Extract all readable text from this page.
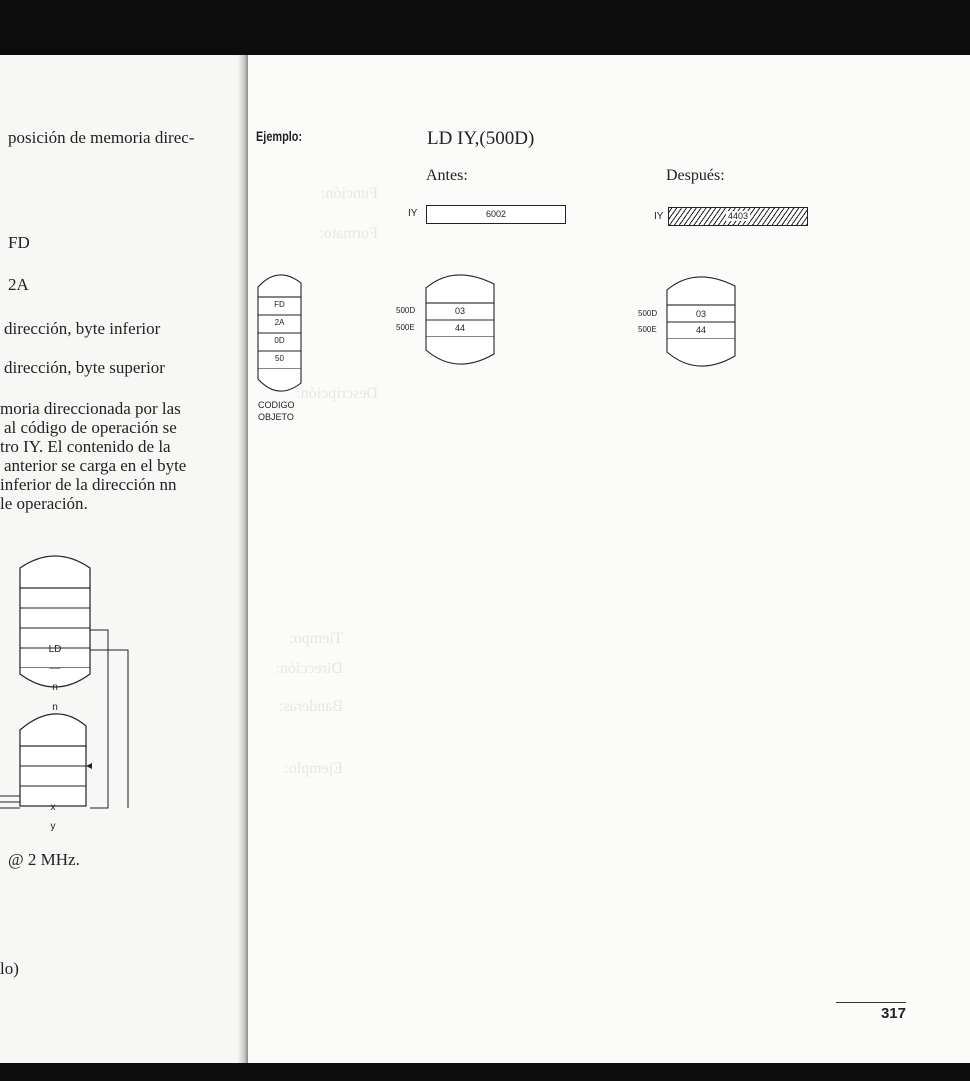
posición de memoria direc-
FD
2A
dirección, byte inferior
dirección, byte superior
moria direccionada por las
al código de operación se
tro IY. El contenido de la
anterior se carga en el byte
inferior de la dirección nn
le operación.
@ 2 MHz.
lo)
LD
—
n
n
x
y
Función:
Formato:
Descripción:
Tiempo:
Dirección:
Banderas:
Ejemplo:
Ejemplo:	LD IY,(500D)
FD
2A
0D
50
CODIGO
OBJETO
Antes:
IY	6002
500D
500E
03
44
Después:
IY	4403
500D
500E
03
44
317
